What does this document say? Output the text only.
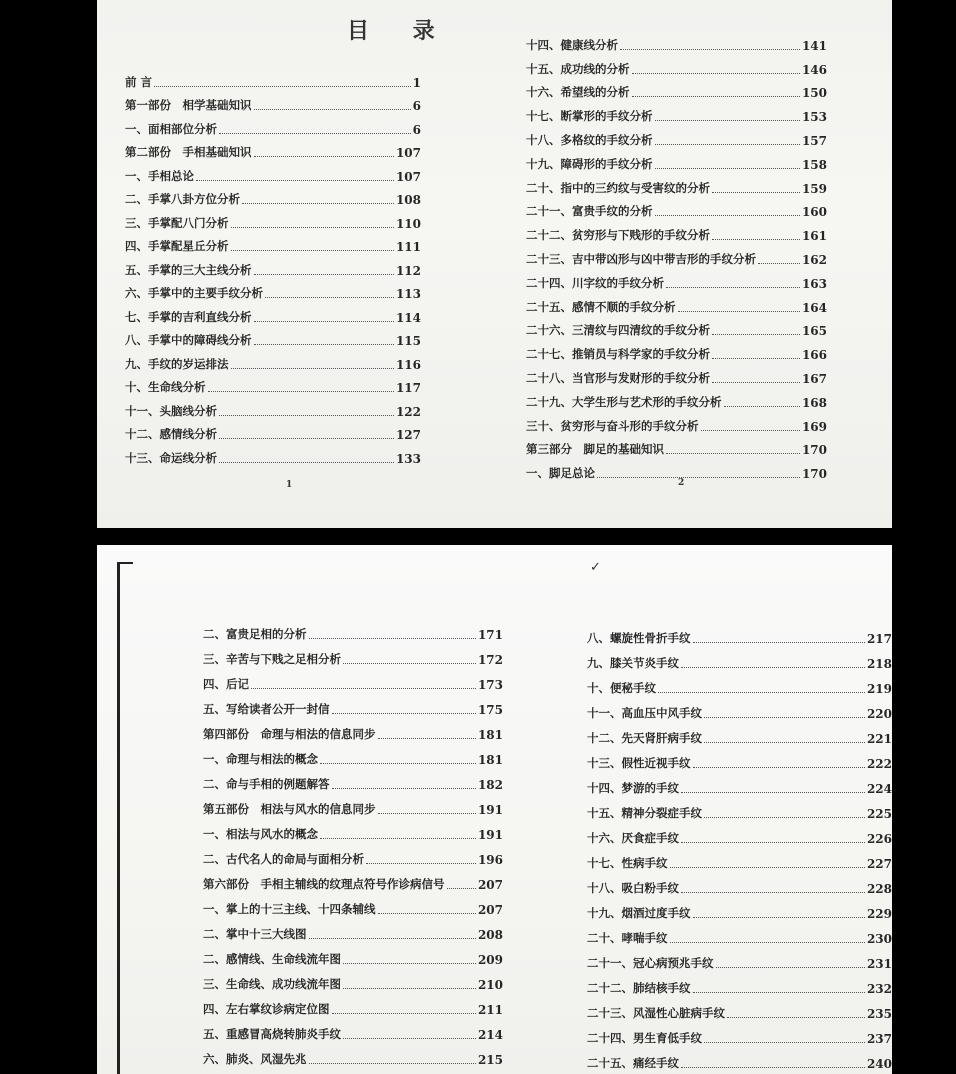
目 录
前 言	1
第一部份　相学基础知识	6
一、面相部位分析	6
第二部份　手相基础知识	107
一、手相总论	107
二、手掌八卦方位分析	108
三、手掌配八门分析	110
四、手掌配星丘分析	111
五、手掌的三大主线分析	112
六、手掌中的主要手纹分析	113
七、手掌的吉利直线分析	114
八、手掌中的障碍线分析	115
九、手纹的岁运排法	116
十、生命线分析	117
十一、头脑线分析	122
十二、感情线分析	127
十三、命运线分析	133
十四、健康线分析	141
十五、成功线的分析	146
十六、希望线的分析	150
十七、断掌形的手纹分析	153
十八、多格纹的手纹分析	157
十九、障碍形的手纹分析	158
二十、指中的三约纹与受害纹的分析	159
二十一、富贵手纹的分析	160
二十二、贫穷形与下贱形的手纹分析	161
二十三、吉中带凶形与凶中带吉形的手纹分析	162
二十四、川字纹的手纹分析	163
二十五、感情不顺的手纹分析	164
二十六、三清纹与四清纹的手纹分析	165
二十七、推销员与科学家的手纹分析	166
二十八、当官形与发财形的手纹分析	167
二十九、大学生形与艺术形的手纹分析	168
三十、贫穷形与奋斗形的手纹分析	169
第三部分　脚足的基础知识	170
一、脚足总论	170
1	2
二、富贵足相的分析	171
三、辛苦与下贱之足相分析	172
四、后记	173
五、写给读者公开一封信	175
第四部份　命理与相法的信息同步	181
一、命理与相法的概念	181
二、命与手相的例题解答	182
第五部份　相法与风水的信息同步	191
一、相法与风水的概念	191
二、古代名人的命局与面相分析	196
第六部份　手相主辅线的纹理点符号作诊病信号	207
一、掌上的十三主线、十四条辅线	207
二、掌中十三大线图	208
二、感情线、生命线流年图	209
三、生命线、成功线流年图	210
四、左右掌纹诊病定位图	211
五、重感冒高烧转肺炎手纹	214
六、肺炎、风湿先兆	215
八、螺旋性骨折手纹	217
九、膝关节炎手纹	218
十、便秘手纹	219
十一、高血压中风手纹	220
十二、先天肾肝病手纹	221
十三、假性近视手纹	222
十四、梦游的手纹	224
十五、精神分裂症手纹	225
十六、厌食症手纹	226
十七、性病手纹	227
十八、吸白粉手纹	228
十九、烟酒过度手纹	229
二十、哮喘手纹	230
二十一、冠心病预兆手纹	231
二十二、肺结核手纹	232
二十三、风湿性心脏病手纹	235
二十四、男生育低手纹	237
二十五、痛经手纹	240
✓
